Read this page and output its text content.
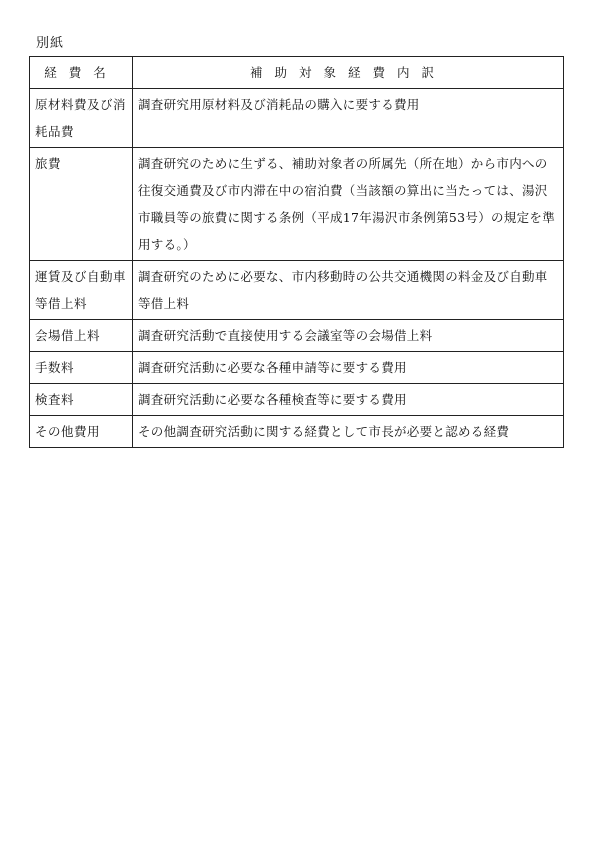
別紙
経費名	補助対象経費内訳
原材料費及び消耗品費	調査研究用原材料及び消耗品の購入に要する費用
旅費	調査研究のために生ずる、補助対象者の所属先（所在地）から市内への往復交通費及び市内滞在中の宿泊費（当該額の算出に当たっては、湯沢市職員等の旅費に関する条例（平成17年湯沢市条例第53号）の規定を準用する。）
運賃及び自動車等借上料	調査研究のために必要な、市内移動時の公共交通機関の料金及び自動車等借上料
会場借上料	調査研究活動で直接使用する会議室等の会場借上料
手数料	調査研究活動に必要な各種申請等に要する費用
検査料	調査研究活動に必要な各種検査等に要する費用
その他費用	その他調査研究活動に関する経費として市長が必要と認める経費
